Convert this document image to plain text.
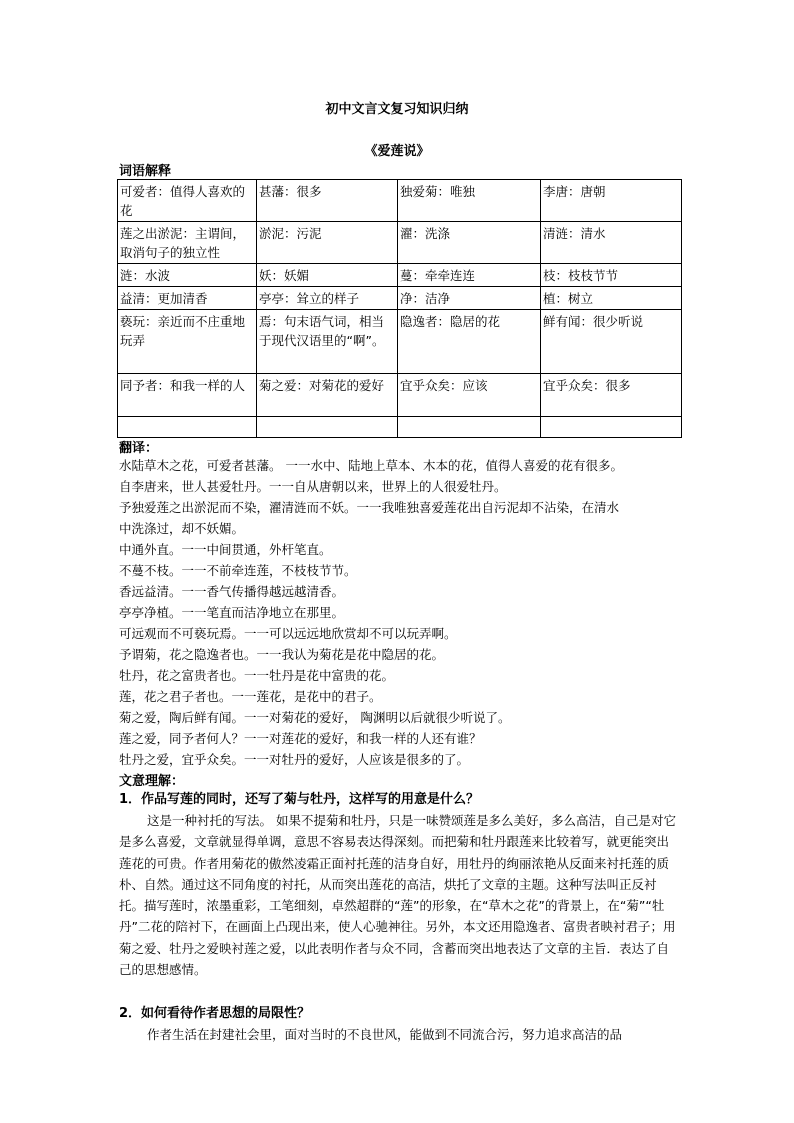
初中文言文复习知识归纳
《爱莲说》
词语解释
可爱者：值得人喜欢的花	甚藩：很多	独爱菊：唯独	李唐：唐朝
莲之出淤泥：主谓间，取消句子的独立性	淤泥：污泥	濯：洗涤	清涟：清水
涟：水波	妖：妖媚	蔓：牵牵连连	枝：枝枝节节
益清：更加清香	亭亭：耸立的样子	净：洁净	植：树立
亵玩：亲近而不庄重地玩弄	焉：句末语气词，相当于现代汉语里的“啊”。	隐逸者：隐居的花	鲜有闻：很少听说
同予者：和我一样的人	菊之爱：对菊花的爱好	宜乎众矣：应该	宜乎众矣：很多

翻译：
水陆草木之花，可爱者甚藩。 一一水中、陆地上草本、木本的花，值得人喜爱的花有很多。
自李唐来，世人甚爱牡丹。一一自从唐朝以来，世界上的人很爱牡丹。
予独爱莲之出淤泥而不染，濯清涟而不妖。一一我唯独喜爱莲花出自污泥却不沾染，在清水
中洗涤过，却不妖媚。
中通外直。一一中间贯通，外杆笔直。
不蔓不枝。一一不前牵连莲，不枝枝节节。
香远益清。一一香气传播得越远越清香。
亭亭净植。一一笔直而洁净地立在那里。
可远观而不可亵玩焉。一一可以远远地欣赏却不可以玩弄啊。
予谓菊，花之隐逸者也。一一我认为菊花是花中隐居的花。
牡丹，花之富贵者也。一一牡丹是花中富贵的花。
莲，花之君子者也。一一莲花，是花中的君子。
菊之爱，陶后鲜有闻。一一对菊花的爱好， 陶渊明以后就很少听说了。
莲之爱，同予者何人？一一对莲花的爱好，和我一样的人还有谁？
牡丹之爱，宜乎众矣。一一对牡丹的爱好，人应该是很多的了。
文意理解：
1．作品写莲的同时，还写了菊与牡丹，这样写的用意是什么？
这是一种衬托的写法。 如果不提菊和牡丹，只是一味赞颂莲是多么美好，多么高洁，自己是对它是多么喜爱，文章就显得单调，意思不容易表达得深刻。而把菊和牡丹跟莲来比较着写，就更能突出莲花的可贵。作者用菊花的傲然凌霜正面衬托莲的洁身自好，用牡丹的绚丽浓艳从反面来衬托莲的质朴、自然。通过这不同角度的衬托，从而突出莲花的高洁，烘托了文章的主题。这种写法叫正反衬托。描写莲时，浓墨重彩，工笔细刻，卓然超群的“莲”的形象，在“草木之花”的背景上，在“菊”“牡丹”二花的陪衬下，在画面上凸现出来，使人心驰神往。另外，本文还用隐逸者、富贵者映衬君子；用菊之爱、牡丹之爱映衬莲之爱，以此表明作者与众不同，含蓄而突出地表达了文章的主旨．表达了自己的思想感情。
2．如何看待作者思想的局限性？
作者生活在封建社会里，面对当时的不良世风，能做到不同流合污，努力追求高洁的品
